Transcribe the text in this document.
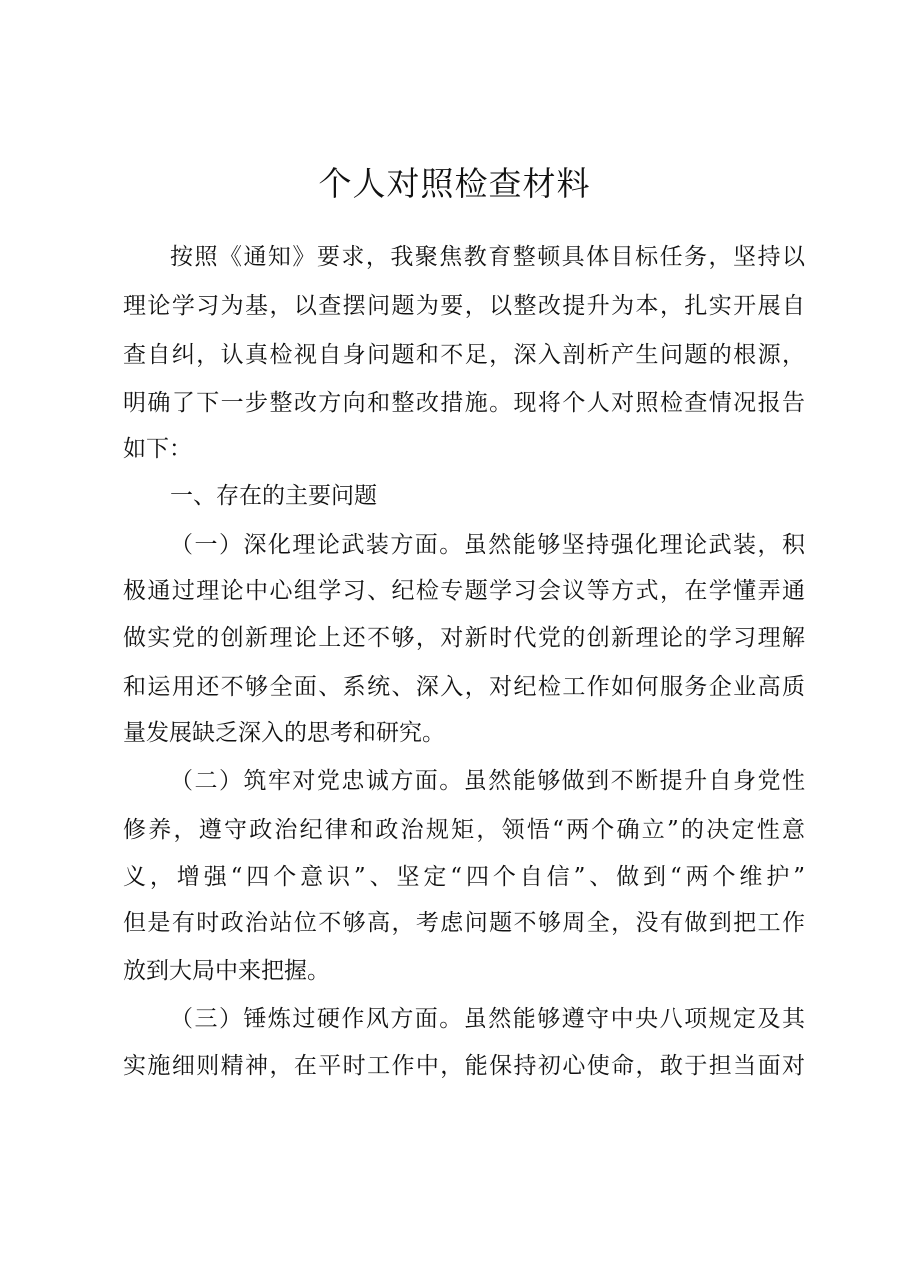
个人对照检查材料
按照《通知》要求，我聚焦教育整顿具体目标任务，坚持以
理论学习为基，以查摆问题为要，以整改提升为本，扎实开展自
查自纠，认真检视自身问题和不足，深入剖析产生问题的根源，
明确了下一步整改方向和整改措施。现将个人对照检查情况报告
如下：
一、存在的主要问题
（一）深化理论武装方面。虽然能够坚持强化理论武装，积
极通过理论中心组学习、纪检专题学习会议等方式，在学懂弄通
做实党的创新理论上还不够，对新时代党的创新理论的学习理解
和运用还不够全面、系统、深入，对纪检工作如何服务企业高质
量发展缺乏深入的思考和研究。
（二）筑牢对党忠诚方面。虽然能够做到不断提升自身党性
修养，遵守政治纪律和政治规矩，领悟“两个确立”的决定性意
义，增强“四个意识”、坚定“四个自信”、做到“两个维护”
但是有时政治站位不够高，考虑问题不够周全，没有做到把工作
放到大局中来把握。
（三）锤炼过硬作风方面。虽然能够遵守中央八项规定及其
实施细则精神，在平时工作中，能保持初心使命，敢于担当面对
